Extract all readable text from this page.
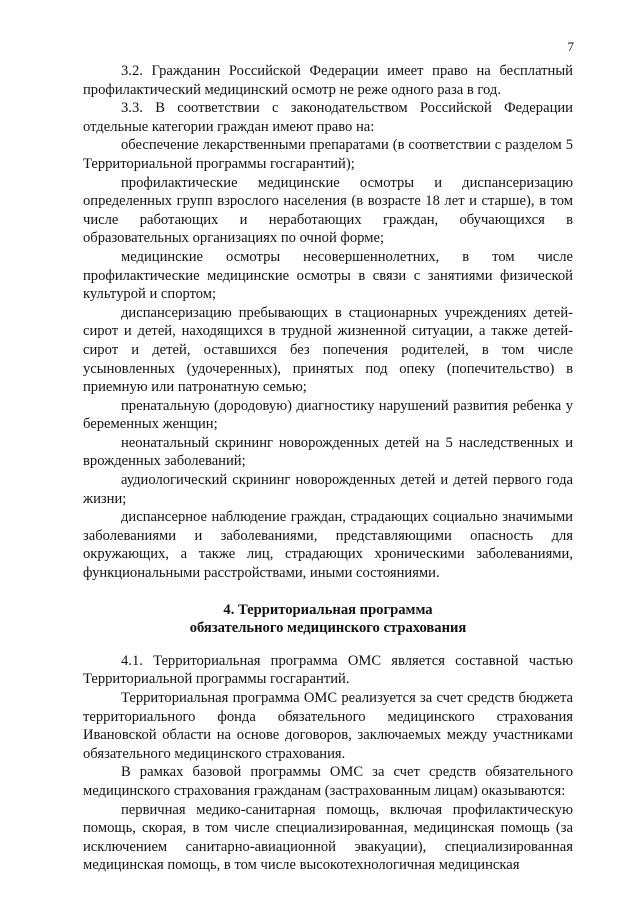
7

3.2. Гражданин Российской Федерации имеет право на бесплатный профилактический медицинский осмотр не реже одного раза в год.

3.3. В соответствии с законодательством Российской Федерации отдельные категории граждан имеют право на:

обеспечение лекарственными препаратами (в соответствии с разделом 5 Территориальной программы госгарантий);

профилактические медицинские осмотры и диспансеризацию определенных групп взрослого населения (в возрасте 18 лет и старше), в том числе работающих и неработающих граждан, обучающихся в образовательных организациях по очной форме;

медицинские осмотры несовершеннолетних, в том числе профилактические медицинские осмотры в связи с занятиями физической культурой и спортом;

диспансеризацию пребывающих в стационарных учреждениях детей-сирот и детей, находящихся в трудной жизненной ситуации, а также детей-сирот и детей, оставшихся без попечения родителей, в том числе усыновленных (удочеренных), принятых под опеку (попечительство) в приемную или патронатную семью;

пренатальную (дородовую) диагностику нарушений развития ребенка у беременных женщин;

неонатальный скрининг новорожденных детей на 5 наследственных и врожденных заболеваний;

аудиологический скрининг новорожденных детей и детей первого года жизни;

диспансерное наблюдение граждан, страдающих социально значимыми заболеваниями и заболеваниями, представляющими опасность для окружающих, а также лиц, страдающих хроническими заболеваниями, функциональными расстройствами, иными состояниями.

4. Территориальная программа
обязательного медицинского страхования

4.1. Территориальная программа ОМС является составной частью Территориальной программы госгарантий.

Территориальная программа ОМС реализуется за счет средств бюджета территориального фонда обязательного медицинского страхования Ивановской области на основе договоров, заключаемых между участниками обязательного медицинского страхования.

В рамках базовой программы ОМС за счет средств обязательного медицинского страхования гражданам (застрахованным лицам) оказываются:

первичная медико-санитарная помощь, включая профилактическую помощь, скорая, в том числе специализированная, медицинская помощь (за исключением санитарно-авиационной эвакуации), специализированная медицинская помощь, в том числе высокотехнологичная медицинская
